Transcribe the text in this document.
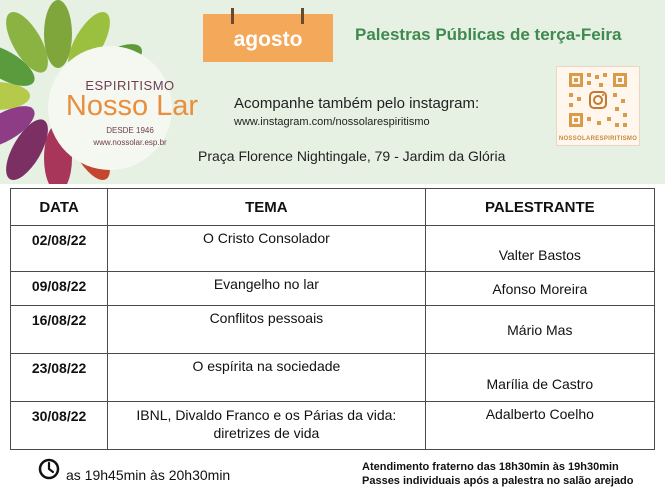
ESPIRITISMO
Nosso Lar
DESDE 1946
www.nossolar.esp.br
agosto	Palestras Públicas de terça-Feira
Acompanhe também pelo instagram:
www.instagram.com/nossolarespiritismo
NOSSOLARESPIRITISMO
Praça Florence Nightingale, 79 - Jardim da Glória
DATA	TEMA	PALESTRANTE
02/08/22	O Cristo Consolador	Valter Bastos
09/08/22	Evangelho no lar	Afonso Moreira
16/08/22	Conflitos pessoais	Mário Mas
23/08/22	O espírita na sociedade	Marília de Castro
30/08/22	IBNL, Divaldo Franco e os Párias da vida: diretrizes de vida	Adalberto Coelho
as 19h45min às 20h30min	Atendimento fraterno das 18h30min às 19h30min
Passes individuais após a palestra no salão arejado
